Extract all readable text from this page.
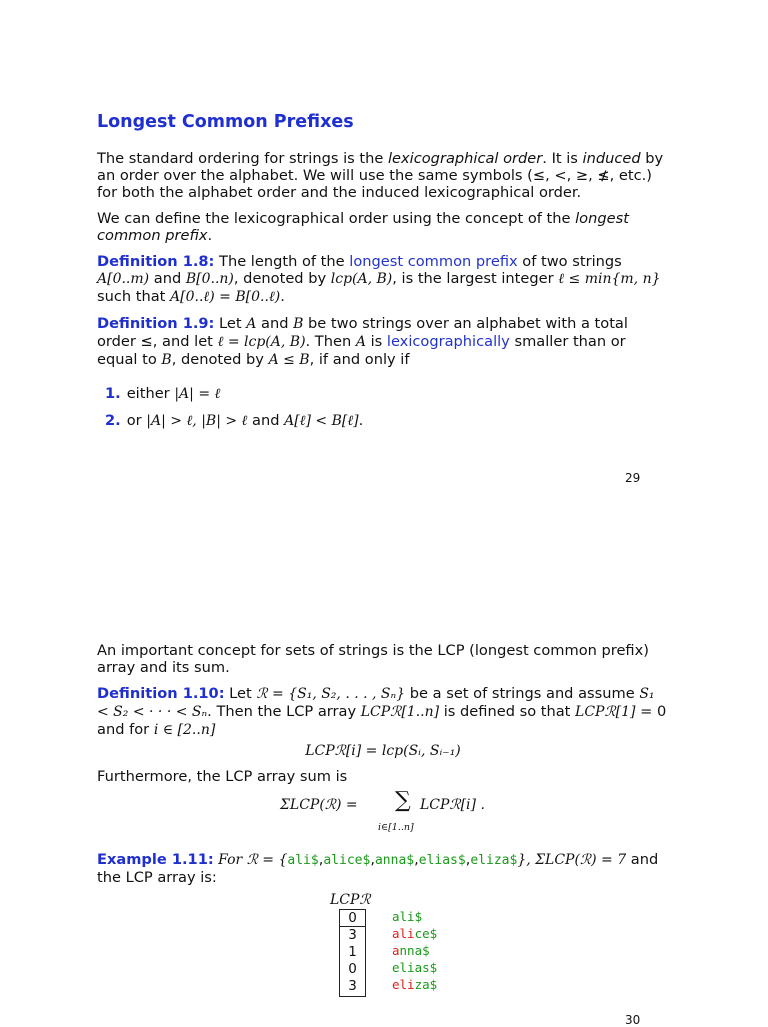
Longest Common Prefixes

The standard ordering for strings is the lexicographical order. It is induced by an order over the alphabet. We will use the same symbols (≤, <, ≥, ≰, etc.) for both the alphabet order and the induced lexicographical order.

We can define the lexicographical order using the concept of the longest common prefix.

Definition 1.8: The length of the longest common prefix of two strings A[0..m) and B[0..n), denoted by lcp(A, B), is the largest integer ℓ ≤ min{m, n} such that A[0..ℓ) = B[0..ℓ).

Definition 1.9: Let A and B be two strings over an alphabet with a total order ≤, and let ℓ = lcp(A, B). Then A is lexicographically smaller than or equal to B, denoted by A ≤ B, if and only if

1. either |A| = ℓ
2. or |A| > ℓ, |B| > ℓ and A[ℓ] < B[ℓ].
29

An important concept for sets of strings is the LCP (longest common prefix) array and its sum.

Definition 1.10: Let ℛ = {S₁, S₂, . . . , Sₙ} be a set of strings and assume S₁ < S₂ < · · · < Sₙ. Then the LCP array LCPℛ[1..n] is defined so that LCPℛ[1] = 0 and for i ∈ [2..n]

LCPℛ[i] = lcp(Sᵢ, Sᵢ₋₁)

Furthermore, the LCP array sum is

ΣLCP(ℛ) = ∑
i∈[1..n]
LCPℛ[i] .

Example 1.11: For ℛ = {ali$,alice$,anna$,elias$,eliza$}, ΣLCP(ℛ) = 7 and the LCP array is:

LCPℛ
0
3
1
0
3
ali$
alice$
anna$
elias$
eliza$
30
